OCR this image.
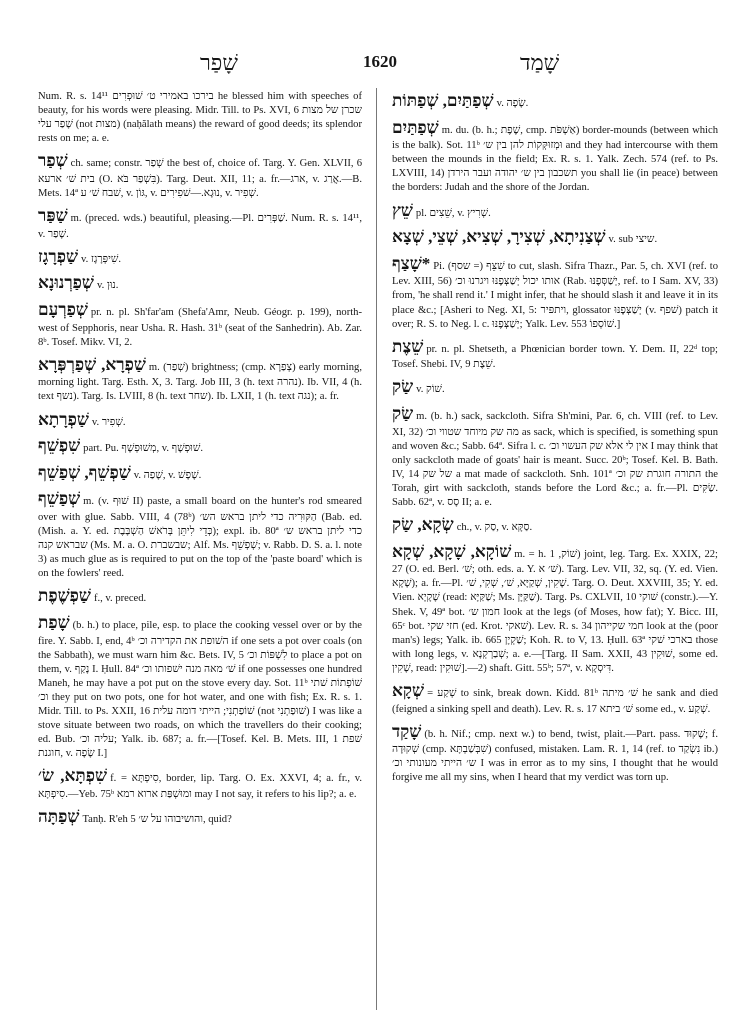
שָׁפַר	1620	שָׁמַד

Num. R. s. 14¹¹ בירכו באמירי ט׳ שׁוּפְרִים he blessed him with speeches of beauty, for his words were pleasing. Midr. Till. to Ps. XVI, 6 שכרן של מצות שָׁפַר עלי (not מצות) (naḥălath means) the reward of good deeds; its splendor rests on me; a. e.

שְׁפַר ch. same; constr. שְׁפַר the best of, choice of. Targ. Y. Gen. XLVII, 6 בית שׁ׳ ארעא (O. בִּשְׁפַר בֹּא). Targ. Deut. XII, 11; a. fr.—ארג, v. אֲרַג.—B. Mets. 14ª שׁבח שׁ׳ ע, v. גּוֹן, v. נוּגָא.—שׁפִירִים, v. שְׁפִיר.

שַׁפַּר m. (preced. wds.) beautiful, pleasing.—Pl. שַׁפְּרִים. Num. R. s. 14¹¹, v. שָׁפַר.

שַׁפְרָגָז v. שִׁיפְּרָגָז.

שְׁפַרְנוּנָא v. נוּן.

שְׁפַרְעָם pr. n. pl. Sh'far'am (Shefa'Amr, Neub. Géogr. p. 199), north-west of Sepphoris, near Usha. R. Hash. 31ᵇ (seat of the Sanhedrin). Ab. Zar. 8ᵇ. Tosef. Mikv. VI, 2.

שַׁפְרָא, שְׁפַרְפְּרָא m. (שְׁפַר) brightness; (cmp. צְפַרָא) early morning, morning light. Targ. Esth. X, 3. Targ. Job III, 3 (h. text נהרה). Ib. VII, 4 (h. text נשף). Targ. Is. LVIII, 8 (h. text שחר). Ib. LXII, 1 (h. text נגה); a. fr.

שַׁפְרָתָא v. שְׁפִיר.

שִׁפְשֵׁף part. Pu. מְשׁוּפְשָׁף, v. שׁוּפְשָׁף.

שַׁפְשֵׁף, שְׁפַשֵׁף v. שָׁפַה, v. שָׁפָשׁ.

שְׁפַשֵׁף m. (v. שׁוּף II) paste, a small board on the hunter's rod smeared over with glue. Sabb. VIII, 4 (78ᵇ) הַקּוּרִיה כדי ליתן בראש הש׳ (Bab. ed. (Mish. a. Y. ed. כְּדֵי לִיתֵּן בְּרֹאשׁ הַשְׁבָּבֶת); expl. ib. 80ª כדי ליתן בראש ש׳ שבראש קנה (Ms. M. a. O. שבשברת; Alf. Ms. שְׁפְשֵׁף; v. Rabb. D. S. a. l. note 3) as much glue as is required to put on the top of the 'paste board' which is on the fowlers' reed.

שַׁפְשֶׁפֶת f., v. preced.

שָׁפַת (b. h.) to place, pile, esp. to place the cooking vessel over or by the fire. Y. Sabb. I, end, 4ᵇ השׁופת את הקדירה וכ׳ if one sets a pot over coals (on the Sabbath), we must warn him &c. Bets. IV, 5 לִשְׁפּוֹת וכ׳ to place a pot on them, v. נָקַף I. Ḥull. 84ª שׁ׳ מאה מנה ישׁפותו וכ׳ if one possesses one hundred Maneh, he may have a pot put on the stove every day. Sot. 11ᵇ שׁוֹפְתוֹת שׁתי וכ׳ they put on two pots, one for hot water, and one with fish; Ex. R. s. 1. Midr. Till. to Ps. XXII, 16 שׁוֹפַתְנִי; הייתי דומה עלית (not שׁוּפַתְנִי) I was like a stove situate between two roads, on which the travellers do their cooking; ed. Bub. עליה וכ׳; Yalk. ib. 687; a. fr.—[Tosef. Kel. B. Mets. III, 1 שׁפת חוגנת, v. שָׂפָה I.]

שִׁפְתָּא, שׂ׳ f. = סִיפְתָּא, border, lip. Targ. O. Ex. XXVI, 4; a. fr., v. סִיפְתָּא.—Yeb. 75ᵇ ומוּשְׁפַּת ארוא רמא may I not say, it refers to his lip?; a. e.

שְׁפַתָּה Tanḥ. R'eh 5 והושיבוהו על ש׳, quid?

שְׁפַתַּיִם, שְׁפַתּוֹת v. שָׂפָה.

שְׁפַתַּיִם m. du. (b. h.; שֶׁפֶת, cmp. אַשְׁפֹּת) border-mounds (between which is the balk). Sot. 11ᵇ וּמְזוּקְּקוֹת להן בין ש׳ and they had intercourse with them between the mounds in the field; Ex. R. s. 1. Yalk. Zech. 574 (ref. to Ps. LXVIII, 14) תשכבון בין ש׳ יהודה ועבר הירדן you shall lie (in peace) between the borders: Judah and the shore of the Jordan.

שֵׁץ pl. שֵׁצִים, v. שְׁרִיץ.

שְׁצַנִיתָא, שְׁצִירָ, שְׁצִיא, שְׁצֵי, שְׁצָא v. sub שיצי.

*שָׁצַף Pi. שִׁצֵּף (= שסף) to cut, slash. Sifra Thazr., Par. 5, ch. XVI (ref. to Lev. XIII, 56) אותו יכול יְשַׁצְּפֶנּוּ ויגרנוּ וכ׳ (Rab. יְשַׁסְּפֶנּוּ, ref. to I Sam. XV, 33) from, 'he shall rend it.' I might infer, that he should slash it and leave it in its place &c.; [Asheri to Neg. XI, 5: ויתפּיר, glossator יְשַׁצְּפֶנּוּ (v. שׁפף) patch it over; R. S. to Neg. l. c. יְשַׁצְּפֶנּוּ; Yalk. Lev. 553 שׁוֹסְפוֹ.]

שֵׁצֶת pr. n. pl. Shetseth, a Phœnician border town. Y. Dem. II, 22ᵈ top; Tosef. Shebi. IV, 9 שֵׁצֶת.

שַׂק v. שׁוֹק.

שַׂק m. (b. h.) sack, sackcloth. Sifra Sh'mini, Par. 6, ch. VIII (ref. to Lev. XI, 32) מה שק מיוחד שטווי וכ׳ as sack, which is specified, is something spun and woven &c.; Sabb. 64ª. Sifra l. c. אין לי אלא שק העשוי וכ׳ I may think that only sackcloth made of goats' hair is meant. Succ. 20ᵇ; Tosef. Kel. B. Bath. IV, 14 של שק a mat made of sackcloth. Snh. 101ª התורה חוגרת שק וכ׳ the Torah, girt with sackcloth, stands before the Lord &c.; a. fr.—Pl. שַׂקִּים. Sabb. 62ª, v. סָס II; a. e.

שְׂקָא, שַׂק ch., v. סַק, v. סַקָּא.

שׁוֹקָא, שָׁקָא, שְׁקָא m. = h. שׁוֹק, 1) joint, leg. Targ. Ex. XXIX, 22; 27 (O. ed. Berl. שׁ׳; oth. eds. a. Y. שׁ׳ א). Targ. Lev. VII, 32, sq. (Y. ed. Vien. שָׁקָא); a. fr.—Pl. שָׁקִין, שְׁקַיָּא, שׁ׳, שְׁקִי, שׁ׳. Targ. O. Deut. XXVIII, 35; Y. ed. Vien. שָׁקָיָא (read: שַׁקַּיָּא; Ms. שַׁקַּיָּן). Targ. Ps. CXLVII, 10 שׁוקי (constr.).—Y. Shek. V, 49ª bot. חמון ש׳ look at the legs (of Moses, how fat); Y. Bicc. III, 65ᶜ bot. חזי שקי (ed. Krot. שׁאקי). Lev. R. s. 34 חמי שקייהון look at the (poor man's) legs; Yalk. ib. 665 שַׁקְיָן; Koh. R. to V, 13. Ḥull. 63ª בארכי שׁקי those with long legs, v. שְׁבַרְקְנָא; a. e.—[Targ. II Sam. XXII, 43 שׁוּקִין, some ed. שָׁקִין, read: שׁוּקִין].—2) shaft. Gitt. 55ᵇ; 57ª, v. דִּיסְקָא.

שְׁקָא = שְׁקַע to sink, break down. Kidd. 81ᵇ שׁ׳ מיתה he sank and died (feigned a sinking spell and death). Lev. R. s. 17 שׁ׳ ביתא some ed., v. שְׁקַע.

שָׁקַד (b. h. Nif.; cmp. next w.) to bend, twist, plait.—Part. pass. שָׁקוּד; f. שְׁקוּדָה (cmp. שִׁבְּשַׁבְתָּא) confused, mistaken. Lam. R. 1, 14 (ref. to נִשְׂקַד ib.) ש׳ הייתי מעונותי וכ׳ I was in error as to my sins, I thought that he would forgive me all my sins, when I heard that my verdict was torn up.
